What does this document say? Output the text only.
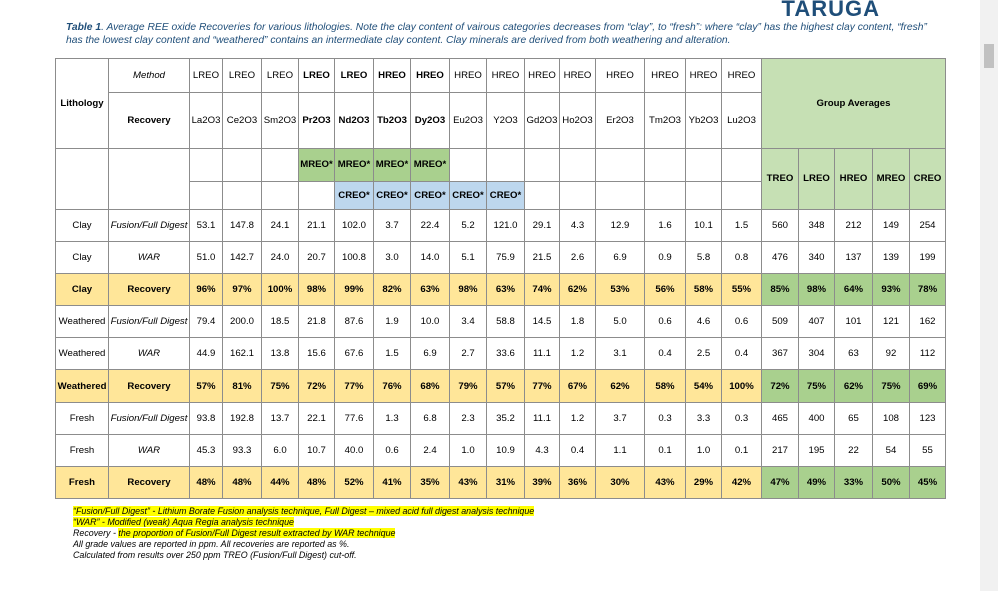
TARUGA
Table 1. Average REE oxide Recoveries for various lithologies. Note the clay content of vairous categories decreases from “clay”, to “fresh”: where “clay” has the highest clay content, “fresh” has the lowest clay content and “weathered” contains an intermediate clay content. Clay minerals are derived from both weathering and alteration.
Lithology	Method	LREO	LREO	LREO	LREO	LREO	HREO	HREO	HREO	HREO	HREO	HREO	HREO	HREO	HREO	HREO	Group Averages				
	Recovery	La2O3	Ce2O3	Sm2O3	Pr2O3	Nd2O3	Tb2O3	Dy2O3	Eu2O3	Y2O3	Gd2O3	Ho2O3	Er2O3	Tm2O3	Yb2O3	Lu2O3					
					MREO*	MREO*	MREO*	MREO*									TREO	LREO	HREO	MREO	CREO
						CREO*	CREO*	CREO*	CREO*	CREO*											
Clay	Fusion/Full Digest	53.1	147.8	24.1	21.1	102.0	3.7	22.4	5.2	121.0	29.1	4.3	12.9	1.6	10.1	1.5	560	348	212	149	254
Clay	WAR	51.0	142.7	24.0	20.7	100.8	3.0	14.0	5.1	75.9	21.5	2.6	6.9	0.9	5.8	0.8	476	340	137	139	199
Clay	Recovery	96%	97%	100%	98%	99%	82%	63%	98%	63%	74%	62%	53%	56%	58%	55%	85%	98%	64%	93%	78%
Weathered	Fusion/Full Digest	79.4	200.0	18.5	21.8	87.6	1.9	10.0	3.4	58.8	14.5	1.8	5.0	0.6	4.6	0.6	509	407	101	121	162
Weathered	WAR	44.9	162.1	13.8	15.6	67.6	1.5	6.9	2.7	33.6	11.1	1.2	3.1	0.4	2.5	0.4	367	304	63	92	112
Weathered	Recovery	57%	81%	75%	72%	77%	76%	68%	79%	57%	77%	67%	62%	58%	54%	100%	72%	75%	62%	75%	69%
Fresh	Fusion/Full Digest	93.8	192.8	13.7	22.1	77.6	1.3	6.8	2.3	35.2	11.1	1.2	3.7	0.3	3.3	0.3	465	400	65	108	123
Fresh	WAR	45.3	93.3	6.0	10.7	40.0	0.6	2.4	1.0	10.9	4.3	0.4	1.1	0.1	1.0	0.1	217	195	22	54	55
Fresh	Recovery	48%	48%	44%	48%	52%	41%	35%	43%	31%	39%	36%	30%	43%	29%	42%	47%	49%	33%	50%	45%
“Fusion/Full Digest” - Lithium Borate Fusion analysis technique, Full Digest – mixed acid full digest analysis technique
“WAR” - Modified (weak) Aqua Regia analysis technique
Recovery - the proportion of Fusion/Full Digest result extracted by WAR technique
All grade values are reported in ppm. All recoveries are reported as %.
Calculated from results over 250 ppm TREO (Fusion/Full Digest) cut-off.
